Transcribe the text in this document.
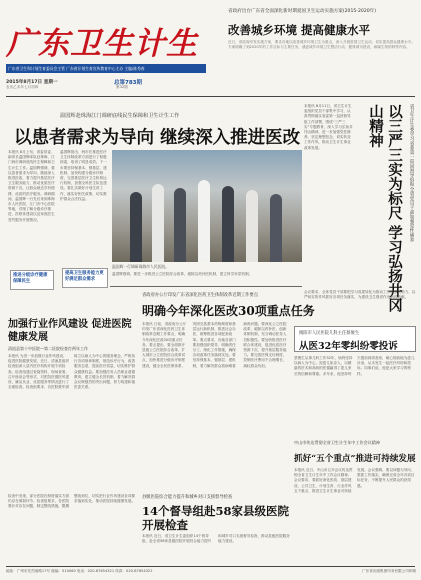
广东卫生计生
广东省卫生和计划生育委员会主管 广东省计划生育宣传教育中心主办 主编/陈秀春
省政府出台广东省全面深化新时期爱国卫生运动实施方案(2015-2020年)
改善城乡环境 提高健康水平
近日，省政府印发实施方案，要求各地以改善城乡环境卫生为重点，深入开展爱国卫生运动，切实提高群众健康水平。方案明确了到2020年的工作目标与主要任务，涵盖城乡环境卫生整洁行动、健康城市建设、病媒生物防制等内容。
2015年8月17日 星期一	总第783期
农历乙未年七月初四	第32期
温国辉赴珠海江门调研底线民生保障和卫生计生工作
以患者需求为导向 继续深入推进医改
本报讯 8月上旬，省委常委、副省长温国辉率队赴珠海、江门两市调研底线民生保障和卫生计生工作。温国辉强调，要以患者需求为导向，继续深入推进医改，着力提升基层医疗卫生服务能力，推动优质医疗资源下沉，让群众就近享有便捷、优质的医疗服务。调研期间，温国辉一行先后来到珠海市人民医院、江门市中心医院等地，详细了解分级诊疗推进、医联体建设以及家庭医生签约服务开展情况。
温国辉指出，两市在推进医疗卫生体制改革方面进行了积极探索，取得了明显成效。下一步要坚持保基本、强基层、建机制，加快构建分级诊疗制度，完善基层医疗卫生机构运行机制，加强全科医生队伍建设。要扎实做好计划生育工作，落实好相关政策，切实维护群众合法权益。
提高卫生服务能力更好满足群众需求
推进分级诊疗健康保障民生
温国辉一行调研珠海市人民医院。
温国辉强调，要进一步推进公立医院综合改革，破除以药补医机制，建立科学补偿机制。
省卫生计生委学习省委第一巡回督导组和全省党员干部加强党性修养
以三严三实为标尺 学习弘扬井冈山精神
本报讯 8月11日，省卫生计生委组织党员干部集中学习，认真贯彻落实省委第一巡回督导组工作部署，围绕“三严三实”专题教育，深入学习弘扬井冈山精神，进一步加强党性修养，坚定理想信念，切实转变工作作风，推动卫生计生事业改革发展。
会议要求，全体党员干部要把学习成果转化为推动工作的强大动力，以严和实的作风抓好各项任务落实，为建设卫生强省作出新的贡献。
加强行业作风建设 促进医院健康发展
清流县第十中医院—第二医院检查打两年工作
本报讯 为进一步加强行业作风建设，促进医院健康发展，近日，清流县组织检查组深入县内医疗机构开展专项检查。检查组通过查阅资料、现场查看、召开座谈会等形式，对医院医德医风建设、廉洁从业、优质服务等情况进行了全面检查。检查组要求，各医院要牢固树立以病人为中心的服务理念，严格执行各项规章制度，规范诊疗行为，改善服务态度，提高医疗质量，切实维护群众健康权益。要加强医务人员职业道德教育，建立健全长效机制，着力解决群众反映强烈的突出问题，努力构建和谐医患关系。
省政府办公厅印发广东省深化医药卫生体制改革近期工作要点
明确今年深化医改30项重点任务
本报讯 日前，省政府办公厅印发广东省深化医药卫生体制改革近期工作要点，明确今年深化医改30项重点任务。要点提出，要全面推开县级公立医院综合改革，扩大城市公立医院综合改革试点，加快推进分级诊疗制度建设，健全全民医保体系，巩固完善基本药物制度和基层运行新机制，推进社会办医，统筹推进各项配套改革。要点要求，各地各部门要加强组织领导，明确责任分工，细化工作措施，确保各项改革任务落到实处。要坚持保基本、强基层、建机制，着力解决群众看病难看病贵问题。要深化公立医院改革，破除以药补医，创新体制机制，充分调动医务人员积极性。要加快推进医疗联合体建设，促进优质医疗资源下沉，提升基层服务能力。要完善医保支付制度，控制医疗费用不合理增长，减轻群众负担。
揭阳市人民医院儿科主任蔡俊生
从医32年零纠纷零投诉
蔡俊生从事儿科工作32年，始终坚持以病人为中心，视患儿如亲人，以精湛的医术和高尚的医德赢得了患儿家长的信赖和尊重。多年来，他坚持每天提前到岗查房，耐心细致地为患儿诊治，从未发生一起医疗纠纷和投诉。同事们说，他是大家学习的榜样。
县级医院综合能力提升和城乡对口支援督导检查
14个督导组赴58家县级医院开展检查
本报讯 近日，省卫生计生委组织14个督导组，赴全省58家县级医院开展综合能力提升和城乡对口支援督导检查，推动县级医院服务能力建设。
检查中发现，部分医院在制度落实方面仍存在薄弱环节。检查组要求，各医院要针对存在问题，制定整改措施，限期整改到位，切实把行业作风建设各项要求落到实处，推动医院持续健康发展。
中山市传达贯彻全省卫生计生年中工作会议精神
抓好“五个重点”推进可持续发展
本报讯 近日，中山市召开会议传达贯彻全省卫生计生年中工作会议精神。会议要求，要抓好深化医改、基层建设、公共卫生、计划生育、行业作风五个重点，推进卫生计生事业可持续发展。会议强调，要以问题为导向，狠抓工作落实，确保完成全年各项目标任务，不断提升人民群众的获得感。
地址：广州市先烈南路17号 邮编：510060 电话：020-87654321 传真：020-87654322	广东省出版集团印务有限公司印刷
